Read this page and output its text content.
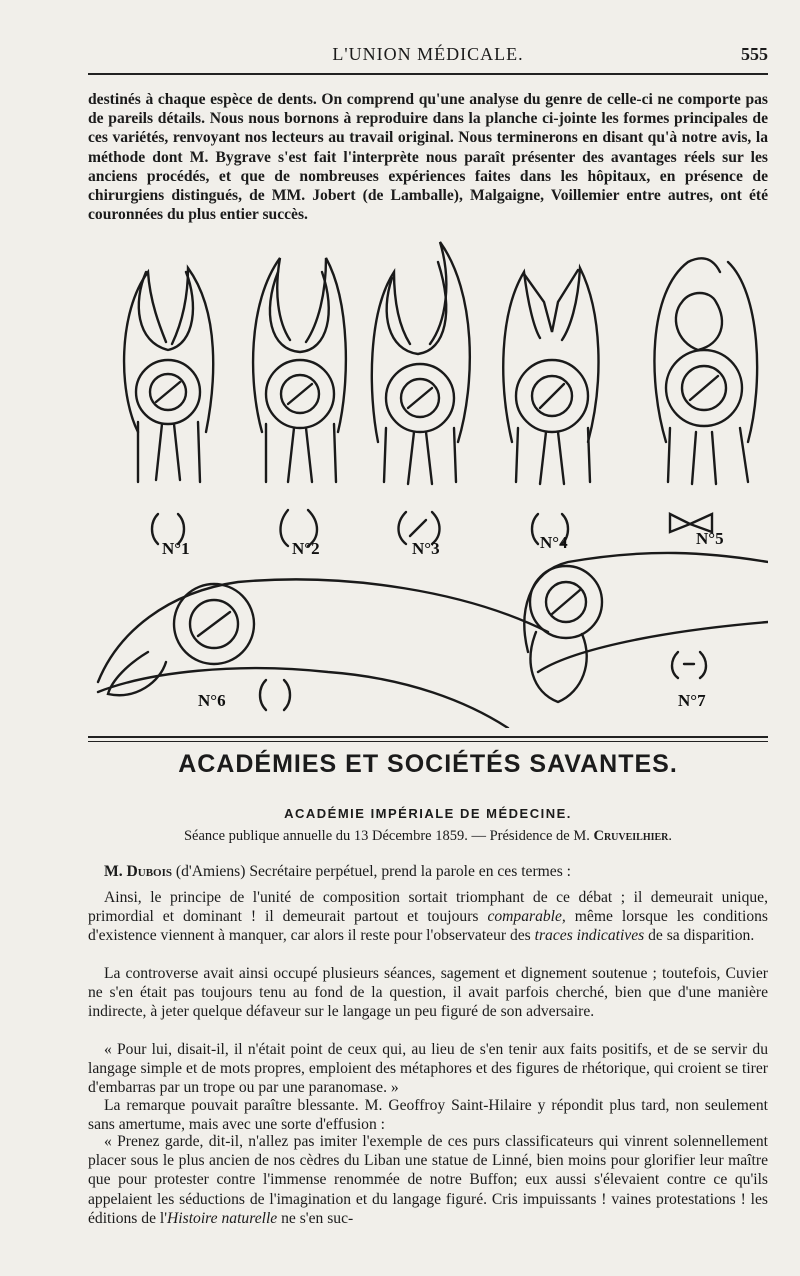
L'UNION MÉDICALE.	555

destinés à chaque espèce de dents. On comprend qu'une analyse du genre de celle-ci ne comporte pas de pareils détails. Nous nous bornons à reproduire dans la planche ci-jointe les formes principales de ces variétés, renvoyant nos lecteurs au travail original. Nous terminerons en disant qu'à notre avis, la méthode dont M. Bygrave s'est fait l'interprète nous paraît présenter des avantages réels sur les anciens procédés, et que de nombreuses expériences faites dans les hôpitaux, en présence de chirurgiens distingués, de MM. Jobert (de Lamballe), Malgaigne, Voillemier entre autres, ont été couronnées du plus entier succès.

N°1	N°2	N°3	N°4	N°5
N°6	N°7
ACADÉMIES ET SOCIÉTÉS SAVANTES.
ACADÉMIE IMPÉRIALE DE MÉDECINE.
Séance publique annuelle du 13 Décembre 1859. — Présidence de M. Cruveilhier.

M. Dubois (d'Amiens) Secrétaire perpétuel, prend la parole en ces termes :

Ainsi, le principe de l'unité de composition sortait triomphant de ce débat ; il demeurait unique, primordial et dominant ! il demeurait partout et toujours comparable, même lorsque les conditions d'existence viennent à manquer, car alors il reste pour l'observateur des traces indicatives de sa disparition.

La controverse avait ainsi occupé plusieurs séances, sagement et dignement soutenue ; toutefois, Cuvier ne s'en était pas toujours tenu au fond de la question, il avait parfois cherché, bien que d'une manière indirecte, à jeter quelque défaveur sur le langage un peu figuré de son adversaire.

« Pour lui, disait-il, il n'était point de ceux qui, au lieu de s'en tenir aux faits positifs, et de se servir du langage simple et de mots propres, emploient des métaphores et des figures de rhétorique, qui croient se tirer d'embarras par un trope ou par une paranomase. »

La remarque pouvait paraître blessante. M. Geoffroy Saint-Hilaire y répondit plus tard, non seulement sans amertume, mais avec une sorte d'effusion :

« Prenez garde, dit-il, n'allez pas imiter l'exemple de ces purs classificateurs qui vinrent solennellement placer sous le plus ancien de nos cèdres du Liban une statue de Linné, bien moins pour glorifier leur maître que pour protester contre l'immense renommée de notre Buffon; eux aussi s'élevaient contre ce qu'ils appelaient les séductions de l'imagination et du langage figuré. Cris impuissants ! vaines protestations ! les éditions de l'Histoire naturelle ne s'en suc-
